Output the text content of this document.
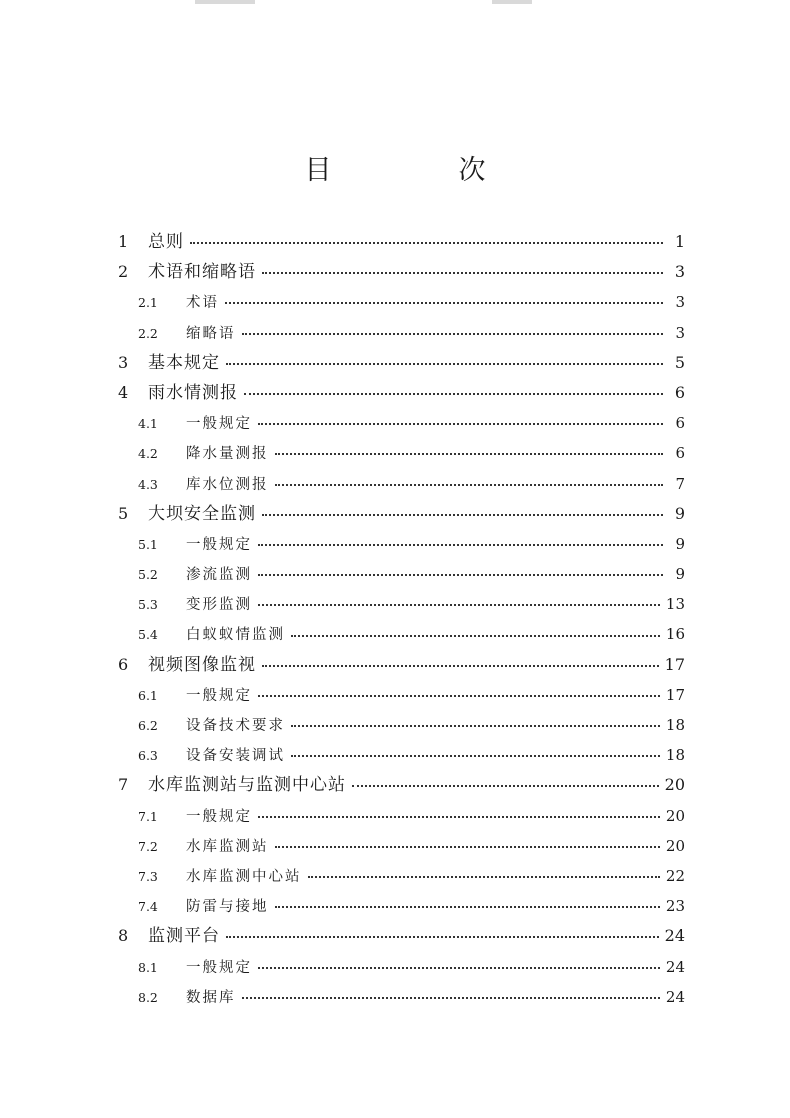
目　次
1	总则	1
2	术语和缩略语	3
2.1	术语	3
2.2	缩略语	3
3	基本规定	5
4	雨水情测报	6
4.1	一般规定	6
4.2	降水量测报	6
4.3	库水位测报	7
5	大坝安全监测	9
5.1	一般规定	9
5.2	渗流监测	9
5.3	变形监测	13
5.4	白蚁蚁情监测	16
6	视频图像监视	17
6.1	一般规定	17
6.2	设备技术要求	18
6.3	设备安装调试	18
7	水库监测站与监测中心站	20
7.1	一般规定	20
7.2	水库监测站	20
7.3	水库监测中心站	22
7.4	防雷与接地	23
8	监测平台	24
8.1	一般规定	24
8.2	数据库	24
